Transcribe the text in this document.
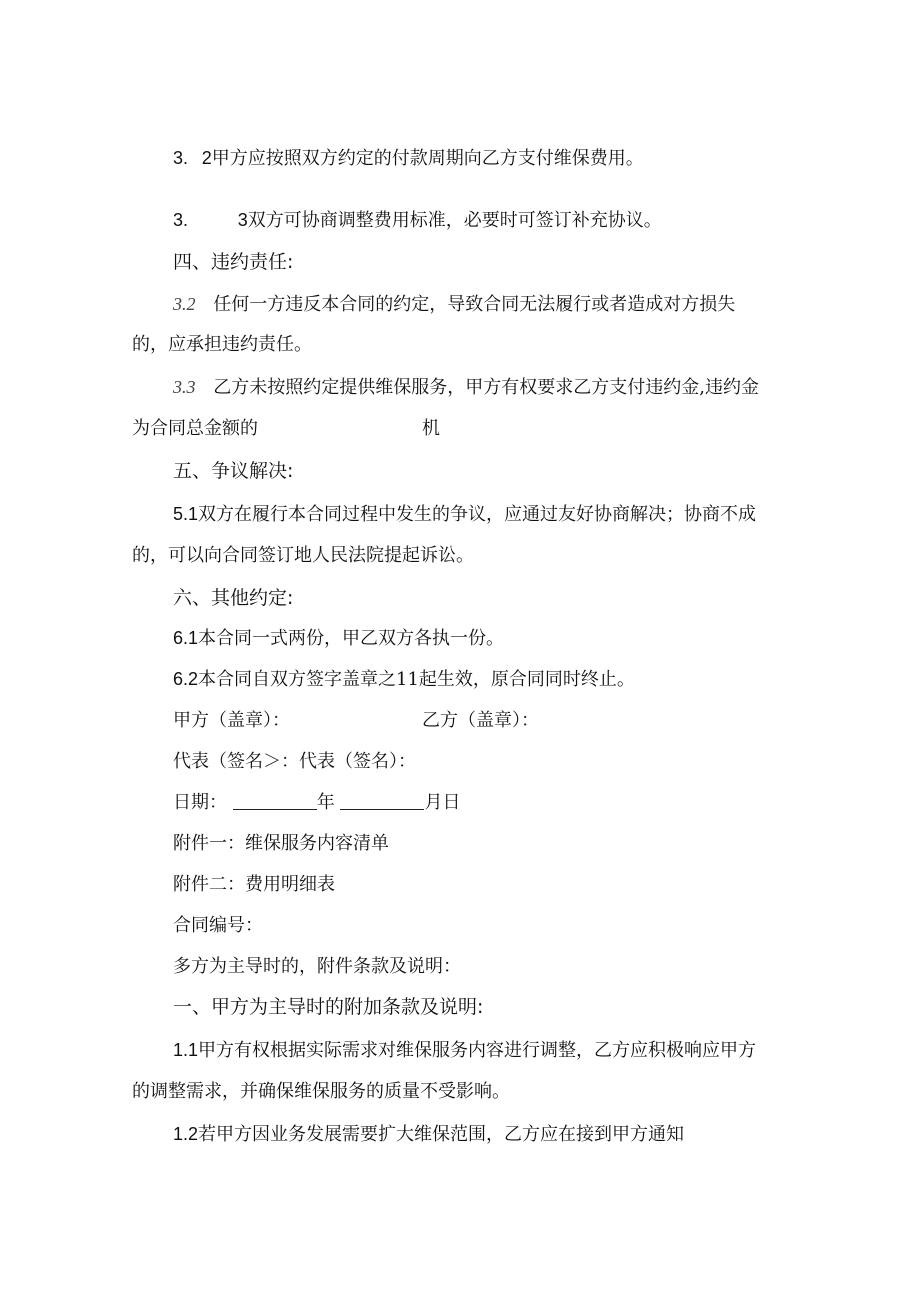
3. 2甲方应按照双方约定的付款周期向乙方支付维保费用。
3.	3双方可协商调整费用标准，必要时可签订补充协议。
四、违约责任:
3.2 任何一方违反本合同的约定，导致合同无法履行或者造成对方损失
的，应承担违约责任。
3.3 乙方未按照约定提供维保服务，甲方有权要求乙方支付违约金,违约金
为合同总金额的	机
五、争议解决:
5.1双方在履行本合同过程中发生的争议，应通过友好协商解决；协商不成
的，可以向合同签订地人民法院提起诉讼。
六、其他约定:
6.1本合同一式两份，甲乙双方各执一份。
6.2本合同自双方签字盖章之11起生效，原合同同时终止。
甲方（盖章）：	乙方（盖章）：
代表（签名＞：代表（签名）：
日期：	年	月日
附件一：维保服务内容清单
附件二：费用明细表
合同编号：
多方为主导时的，附件条款及说明：
一、甲方为主导时的附加条款及说明:
1.1甲方有权根据实际需求对维保服务内容进行调整，乙方应积极响应甲方
的调整需求，并确保维保服务的质量不受影响。
1.2若甲方因业务发展需要扩大维保范围，乙方应在接到甲方通知
